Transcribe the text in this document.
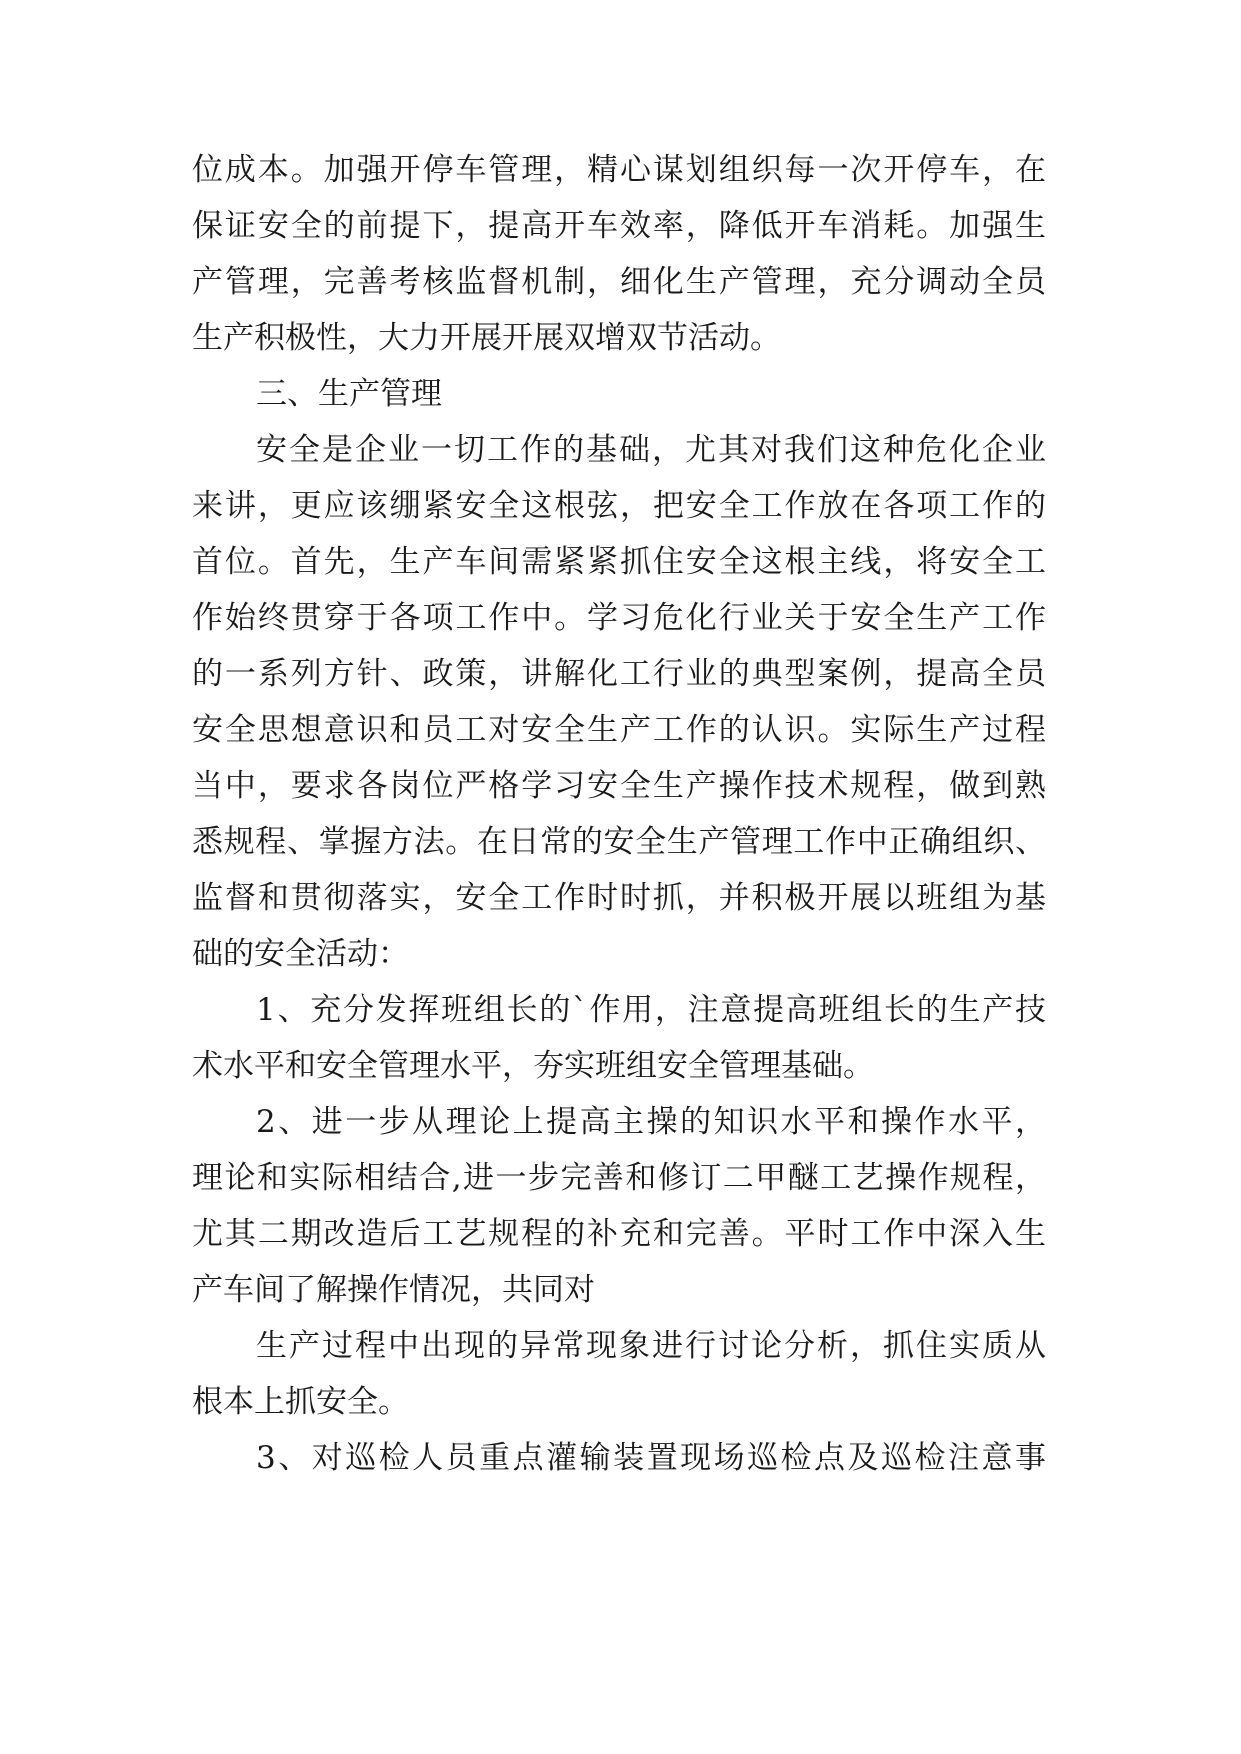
位成本。加强开停车管理，精心谋划组织每一次开停车，在
保证安全的前提下，提高开车效率，降低开车消耗。加强生
产管理，完善考核监督机制，细化生产管理，充分调动全员
生产积极性，大力开展开展双增双节活动。
三、生产管理
安全是企业一切工作的基础，尤其对我们这种危化企业
来讲，更应该绷紧安全这根弦，把安全工作放在各项工作的
首位。首先，生产车间需紧紧抓住安全这根主线，将安全工
作始终贯穿于各项工作中。学习危化行业关于安全生产工作
的一系列方针、政策，讲解化工行业的典型案例，提高全员
安全思想意识和员工对安全生产工作的认识。实际生产过程
当中，要求各岗位严格学习安全生产操作技术规程，做到熟
悉规程、掌握方法。在日常的安全生产管理工作中正确组织、
监督和贯彻落实，安全工作时时抓，并积极开展以班组为基
础的安全活动：
1、充分发挥班组长的`作用，注意提高班组长的生产技
术水平和安全管理水平，夯实班组安全管理基础。
2、进一步从理论上提高主操的知识水平和操作水平，
理论和实际相结合,进一步完善和修订二甲醚工艺操作规程，
尤其二期改造后工艺规程的补充和完善。平时工作中深入生
产车间了解操作情况，共同对
生产过程中出现的异常现象进行讨论分析，抓住实质从
根本上抓安全。
3、对巡检人员重点灌输装置现场巡检点及巡检注意事
